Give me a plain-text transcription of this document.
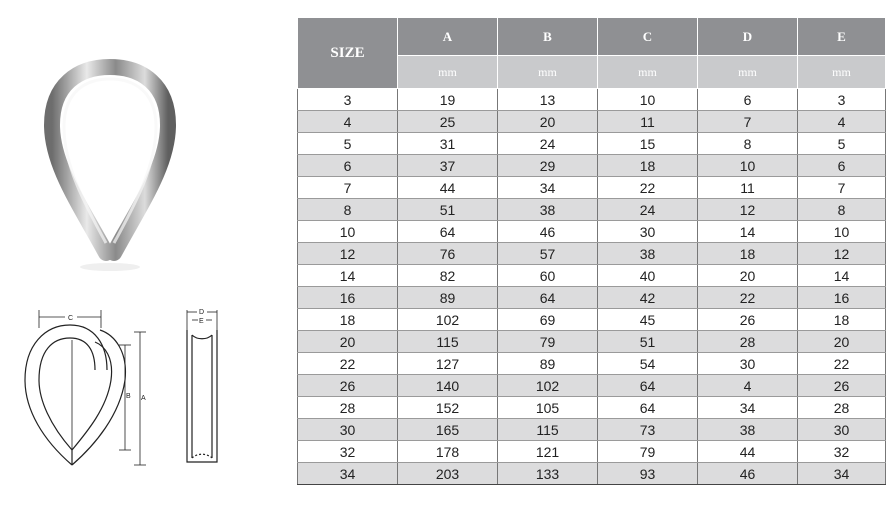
C
B A
D
E
SIZE	A	B	C	D	E
	mm	mm	mm	mm	mm
3	19	13	10	6	3
4	25	20	11	7	4
5	31	24	15	8	5
6	37	29	18	10	6
7	44	34	22	11	7
8	51	38	24	12	8
10	64	46	30	14	10
12	76	57	38	18	12
14	82	60	40	20	14
16	89	64	42	22	16
18	102	69	45	26	18
20	115	79	51	28	20
22	127	89	54	30	22
26	140	102	64	4	26
28	152	105	64	34	28
30	165	115	73	38	30
32	178	121	79	44	32
34	203	133	93	46	34
